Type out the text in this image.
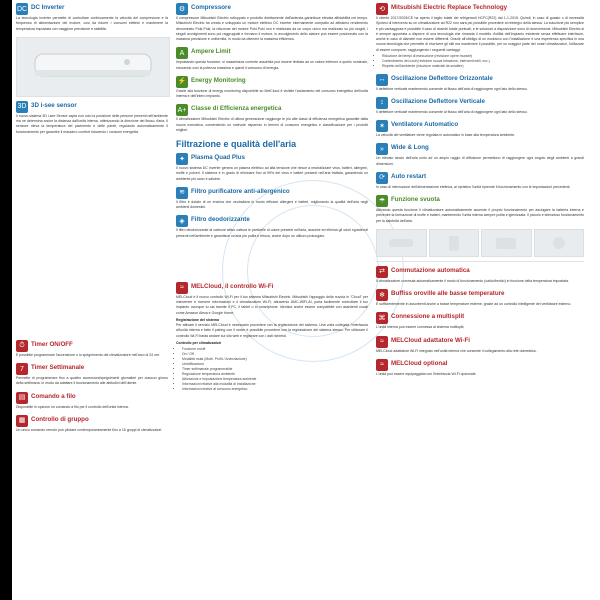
DC DC Inverter
La tecnologia inverter permette di controllare continuamente la velocità del compressore e la frequenza di alimentazione del motore, così da ridurre i consumi elettrici e mantenere la temperatura impostata con maggiore precisione e stabilità.
3D 3D i-see sensor
Il nuovo sistema 3D i-see Sensor capta non solo la posizione delle persone presenti nell'ambiente ma ne determina anche la distanza dall'unità interna, ottimizzando la direzione del flusso d'aria. Il sensore rileva la temperatura del pavimento e delle pareti, regolando automaticamente il funzionamento per garantire il massimo comfort riducendo i consumi energetici.
⏱	Timer ON/OFF
È possibile programmare l'accensione o lo spegnimento del climatizzatore nell'arco di 24 ore.
7	Timer Settimanale
Permette di programmare fino a quattro accensioni/spegnimenti giornalieri per ciascun giorno della settimana, in modo da adattare il funzionamento alle abitudini dell'utente.
▤ Comando a filo
Disponibile in opzione un comando a filo per il controllo dell'unità interna.
▦ Controllo di gruppo
Un unico comando remoto può pilotare contemporaneamente fino a 16 gruppi di climatizzatori.
⚙ Compressore
Il compressore Mitsubishi Electric sviluppato e prodotto direttamente dall'azienda garantisce elevata affidabilità nel tempo. Mitsubishi Electric ha creato e sviluppato un motore elettrico DC inverter internamente compatto ad altissimo rendimento denominato Poki-Poki, la riduzione del motore Poki-Poki non è realizzata da un corpo unico ma realizzato su più singoli, i singoli avvolgimenti sono poi raggruppati e formano il motore, in avvolgimento dello statore può essere posizionato con la massima precisione e uniformità, in modo da ottenere la massima efficienza.
A	Ampere Limit
Impostando questa funzione, si massimizza corrente assorbita può essere limitata ad un valore inferiore a quello nominale, riducendo così la potenza massima e quindi il consumo di energia.
⚡ Energy Monitoring
Grazie alla funzione di energy monitoring disponibile su MelCloud è visibile l'andamento del consumo energetico dell'unità interna e dell'intero impianto.
A+ Classe di Efficienza energetica
Il climatizzatore Mitsubishi Electric di ultima generazione raggiunge le più alte classi di efficienza energetica garantite dalla nuova normativa, consentendo un notevole risparmio in termini di consumo energetico e classificazione per i prodotti migliori.
Filtrazione e qualità dell'aria
✦ Plasma Quad Plus
Il nuovo sistema DC inverter genera un plasma elettrico ad alta tensione che riesce a neutralizzare virus, batteri, allergeni, muffe e polveri. Il sistema è in grado di eliminare fino al 99% dei virus e batteri presenti nell'aria trattata, garantendo un ambiente più sano e salubre.
≋ Filtro purificatore anti-allergenico
Il filtro è dotato di un enzima che neutralizza in modo efficace allergeni e batteri, migliorando la qualità dell'aria negli ambienti domestici.
◈	Filtro deodorizzante
Il filtro deodorizzante al carbone attivo cattura le particelle di odore presenti nell'aria, assorbe ed elimina gli odori sgradevoli presenti nell'ambiente e garantisce un'aria più pulita e fresca, anche dopo un utilizzo prolungato.
≈	MELCloud, il controllo Wi-Fi
MELCloud è il nuovo controllo Wi-Fi per il tuo sistema Mitsubishi Electric. Mitsubishi l'appoggio della nuvola in "Cloud" per intervenire e ricevere informazioni e il climatizzatore Wi-Fi, attraverso AMC-WIFI-AI, porta facilmente controllare il tuo impianto ovunque tu sia tramite il PC, il tablet o lo smartphone. Identica anche essere compatibile con assistenti vocali come Amazon Alexa e Google Home.
Registrazione del sistema
Per attivare il servizio MELCloud è necessario procedere con la registrazione del sistema. Una volta collegata l'interfaccia all'unità interna e fatto il pairing con il router è possibile procedere con la registrazione del sistema stesso. Per utilizzare il controllo Wi-Fi basta andare sul sito web e registrare con i dati richiesti.
Controllo per climatizzatori
• Funzione on/off
• On / Off
• Modalità muta (Mute, Profit / Archiviazione)
• Umidificazione
• Timer settimanale programmabile
• Regolazione temperatura ambiente
• Attivazione e impostazione temperatura ambiente
• Informazioni relative alla modalità di installazione
• Informazioni relative al consumo energetico
⟲ Mitsubishi Electric Replace Technology
Il cliente 2017/2003/CE ha aperto il taglio totale del refrigeranti HCFC(R22) dal 1-1-2015. Quindi, in caso di guasto o di necessità l'ipotesi di intervento su un climatizzatore ad R22 non sarà più possibile procedere al reintegro della stessa. La soluzione più semplice e più vantaggiosa è possibile il caso di ricambi totale puntuali, e le soluzioni a disposizione sono di riconversione. Mitsubishi Electric si è sempre apportata a disporre di una tecnologia che rimanda il modello d'utilità dell'impianto esistente senza effettuare interfacce, anche in caso di diametri non essere differenti. Grazie all'obbligo di un esclusivo con l'installazione è una esperienza specifica in una nuova tecnologia che permette di riscrivere gli stili ma mantenere il possibile, per un maggior parte dei nostri climatizzatori, l'utilizzare di essere comporre, raggiungendo i seguenti vantaggi:
• Riduzione dei tempi di esecuzione (revisione opere murarie)
• Contenimento dei costi (revisione nuova tubazione, interventi edili, ecc.)
• Rispetto dell'ambiente (riduzione materiali da smaltire)
↔ Oscillazione Deflettore Orizzontale
Il deflettore verticale mantenendo consente al flusso dell'aria di raggiungere ogni lato dello stesso.
↕	Oscillazione Deflettore Verticale
Il deflettore verticale mantenendo consente al flusso dell'aria di raggiungere ogni lato dello stesso.
✶ Ventilatore Automatico
La velocità del ventilatore viene regolata in automatico in base alla temperatura ambiente.
»	Wide & Long
Un elevato lancio dell'aria unito ad un ampio raggio di diffusione permettono di raggiungere ogni angolo degli ambienti a grandi dimensioni.
⟳ Auto restart
In caso di interruzione dell'alimentazione elettrica, al ripristino l'unità riprende il funzionamento con le impostazioni precedenti.
☂ Funzione svuota
Attivando questa funzione il climatizzatore automaticamente accende il proprio funzionamento per asciugare la batteria interna e prevenire la formazione di muffe e batteri, mantenendo l'unità interna sempre pulita e igienizzata. Il piccolo e silenzioso funzionamento per la salubrità dell'aria.
⇄ Commutazione automatica
Il climatizzatore commuta automaticamente il modo di funzionamento (caldo/freddo) in funzione della temperatura impostata.
❄ Buffiss oroville alle basse temperature
È sufficientemente in assorbenti anche a basse temperature esterne, grazie ad un controllo intelligente del ventilatore esterno.
⌘ Connessione a multisplit
L'unità interna può essere connessa al sistema multisplit.
≈	MELCloud adattatore Wi-Fi
MELCloud adattatore Wi-Fi integrato nell'unità interna che consente il collegamento alla rete domestica.
≈	MELCloud optional
L'unità può essere equipaggiata con l'interfaccia Wi-Fi opzionale.
